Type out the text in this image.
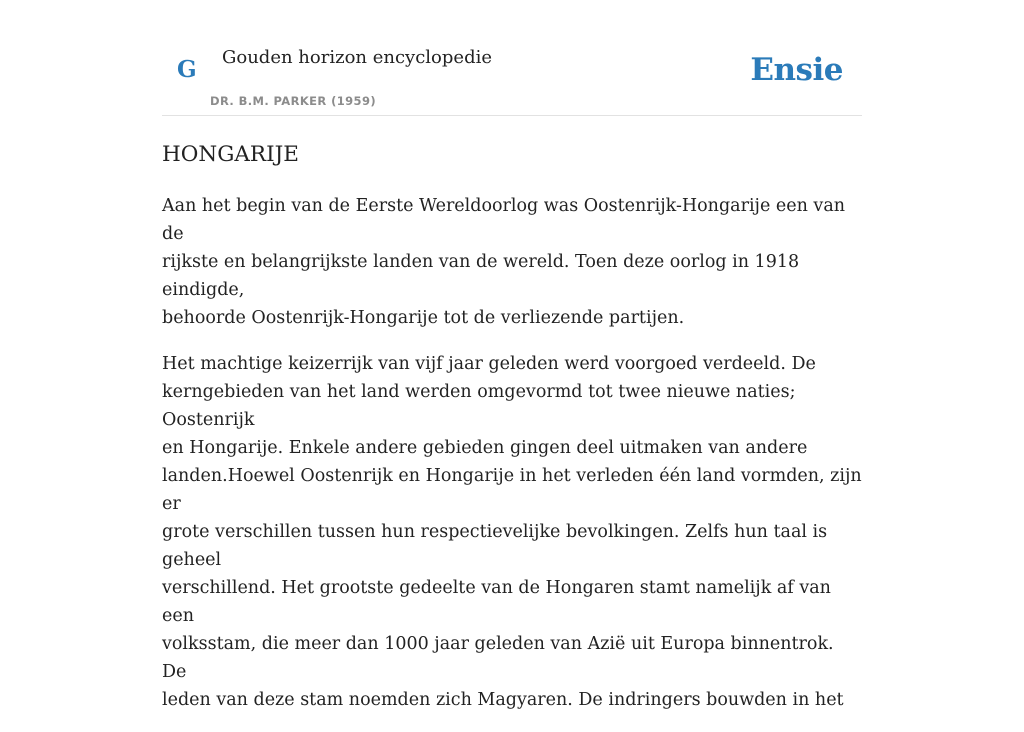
G Gouden horizon encyclopedie
DR. B.M. PARKER (1959)
Ensie
HONGARIJE

Aan het begin van de Eerste Wereldoorlog was Oostenrijk-Hongarije een van de
rijkste en belangrijkste landen van de wereld. Toen deze oorlog in 1918 eindigde,
behoorde Oostenrijk-Hongarije tot de verliezende partijen.

Het machtige keizerrijk van vijf jaar geleden werd voorgoed verdeeld. De
kerngebieden van het land werden omgevormd tot twee nieuwe naties; Oostenrijk
en Hongarije. Enkele andere gebieden gingen deel uitmaken van andere
landen.Hoewel Oostenrijk en Hongarije in het verleden één land vormden, zijn er
grote verschillen tussen hun respectievelijke bevolkingen. Zelfs hun taal is geheel
verschillend. Het grootste gedeelte van de Hongaren stamt namelijk af van een
volksstam, die meer dan 1000 jaar geleden van Azië uit Europa binnentrok. De
leden van deze stam noemden zich Magyaren. De indringers bouwden in het
